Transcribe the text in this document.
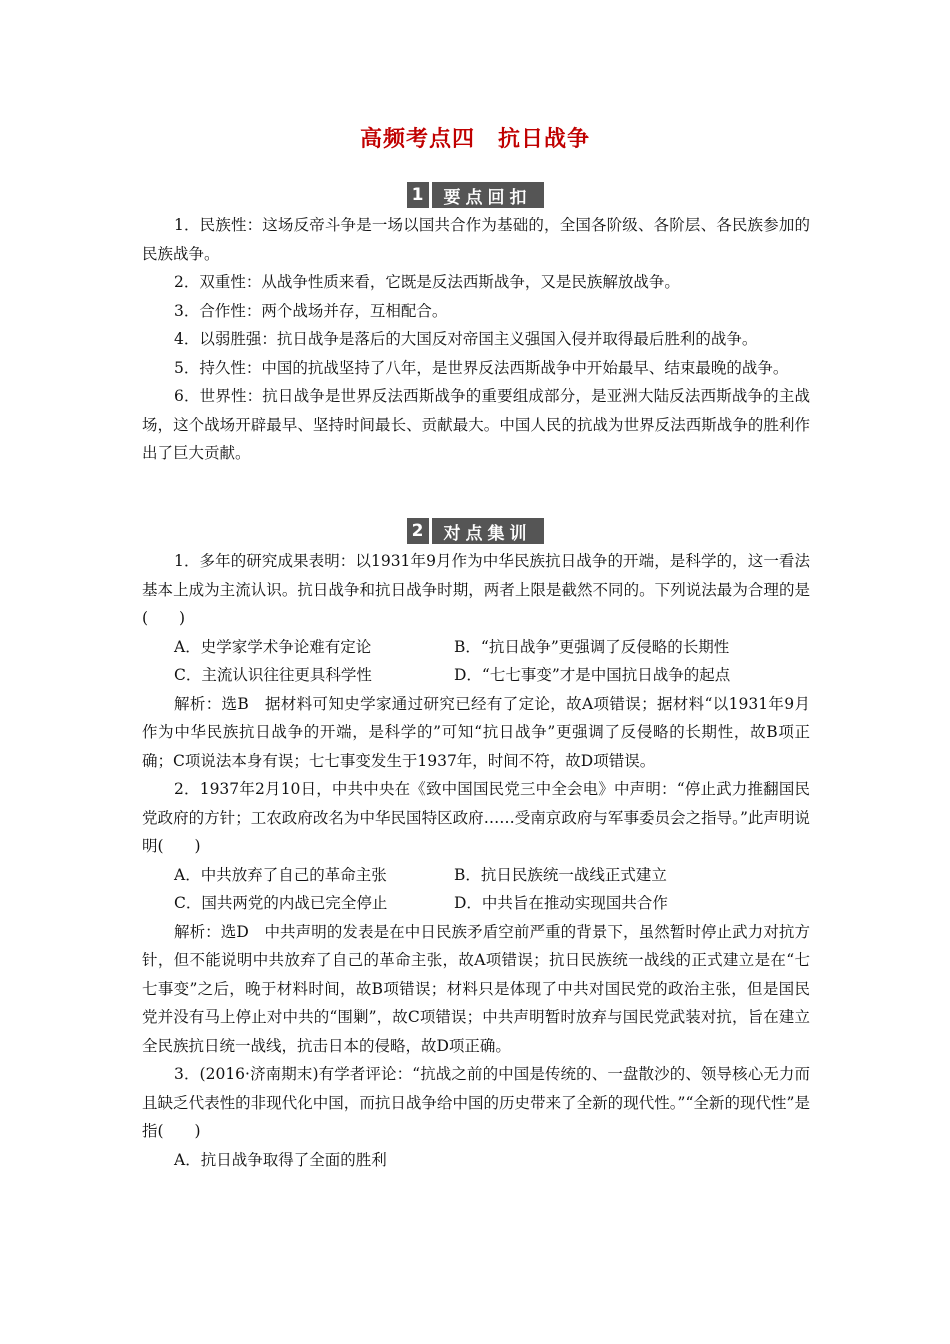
高频考点四　抗日战争
1	要点回扣

1．民族性：这场反帝斗争是一场以国共合作为基础的，全国各阶级、各阶层、各民族参加的民族战争。

2．双重性：从战争性质来看，它既是反法西斯战争，又是民族解放战争。

3．合作性：两个战场并存，互相配合。

4．以弱胜强：抗日战争是落后的大国反对帝国主义强国入侵并取得最后胜利的战争。

5．持久性：中国的抗战坚持了八年，是世界反法西斯战争中开始最早、结束最晚的战争。

6．世界性：抗日战争是世界反法西斯战争的重要组成部分，是亚洲大陆反法西斯战争的主战场，这个战场开辟最早、坚持时间最长、贡献最大。中国人民的抗战为世界反法西斯战争的胜利作出了巨大贡献。

2	对点集训

1．多年的研究成果表明：以1931年9月作为中华民族抗日战争的开端，是科学的，这一看法基本上成为主流认识。抗日战争和抗日战争时期，两者上限是截然不同的。下列说法最为合理的是(　　)

A．史学家学术争论难有定论	B．“抗日战争”更强调了反侵略的长期性
C．主流认识往往更具科学性	D．“七七事变”才是中国抗日战争的起点

解析：选B　据材料可知史学家通过研究已经有了定论，故A项错误；据材料“以1931年9月作为中华民族抗日战争的开端，是科学的”可知“抗日战争”更强调了反侵略的长期性，故B项正确；C项说法本身有误；七七事变发生于1937年，时间不符，故D项错误。

2．1937年2月10日，中共中央在《致中国国民党三中全会电》中声明：“停止武力推翻国民党政府的方针；工农政府改名为中华民国特区政府……受南京政府与军事委员会之指导。”此声明说明(　　)

A．中共放弃了自己的革命主张	B．抗日民族统一战线正式建立
C．国共两党的内战已完全停止	D．中共旨在推动实现国共合作

解析：选D　中共声明的发表是在中日民族矛盾空前严重的背景下，虽然暂时停止武力对抗方针，但不能说明中共放弃了自己的革命主张，故A项错误；抗日民族统一战线的正式建立是在“七七事变”之后，晚于材料时间，故B项错误；材料只是体现了中共对国民党的政治主张，但是国民党并没有马上停止对中共的“围剿”，故C项错误；中共声明暂时放弃与国民党武装对抗，旨在建立全民族抗日统一战线，抗击日本的侵略，故D项正确。

3．(2016·济南期末)有学者评论：“抗战之前的中国是传统的、一盘散沙的、领导核心无力而且缺乏代表性的非现代化中国，而抗日战争给中国的历史带来了全新的现代性。”“全新的现代性”是指(　　)

A．抗日战争取得了全面的胜利
